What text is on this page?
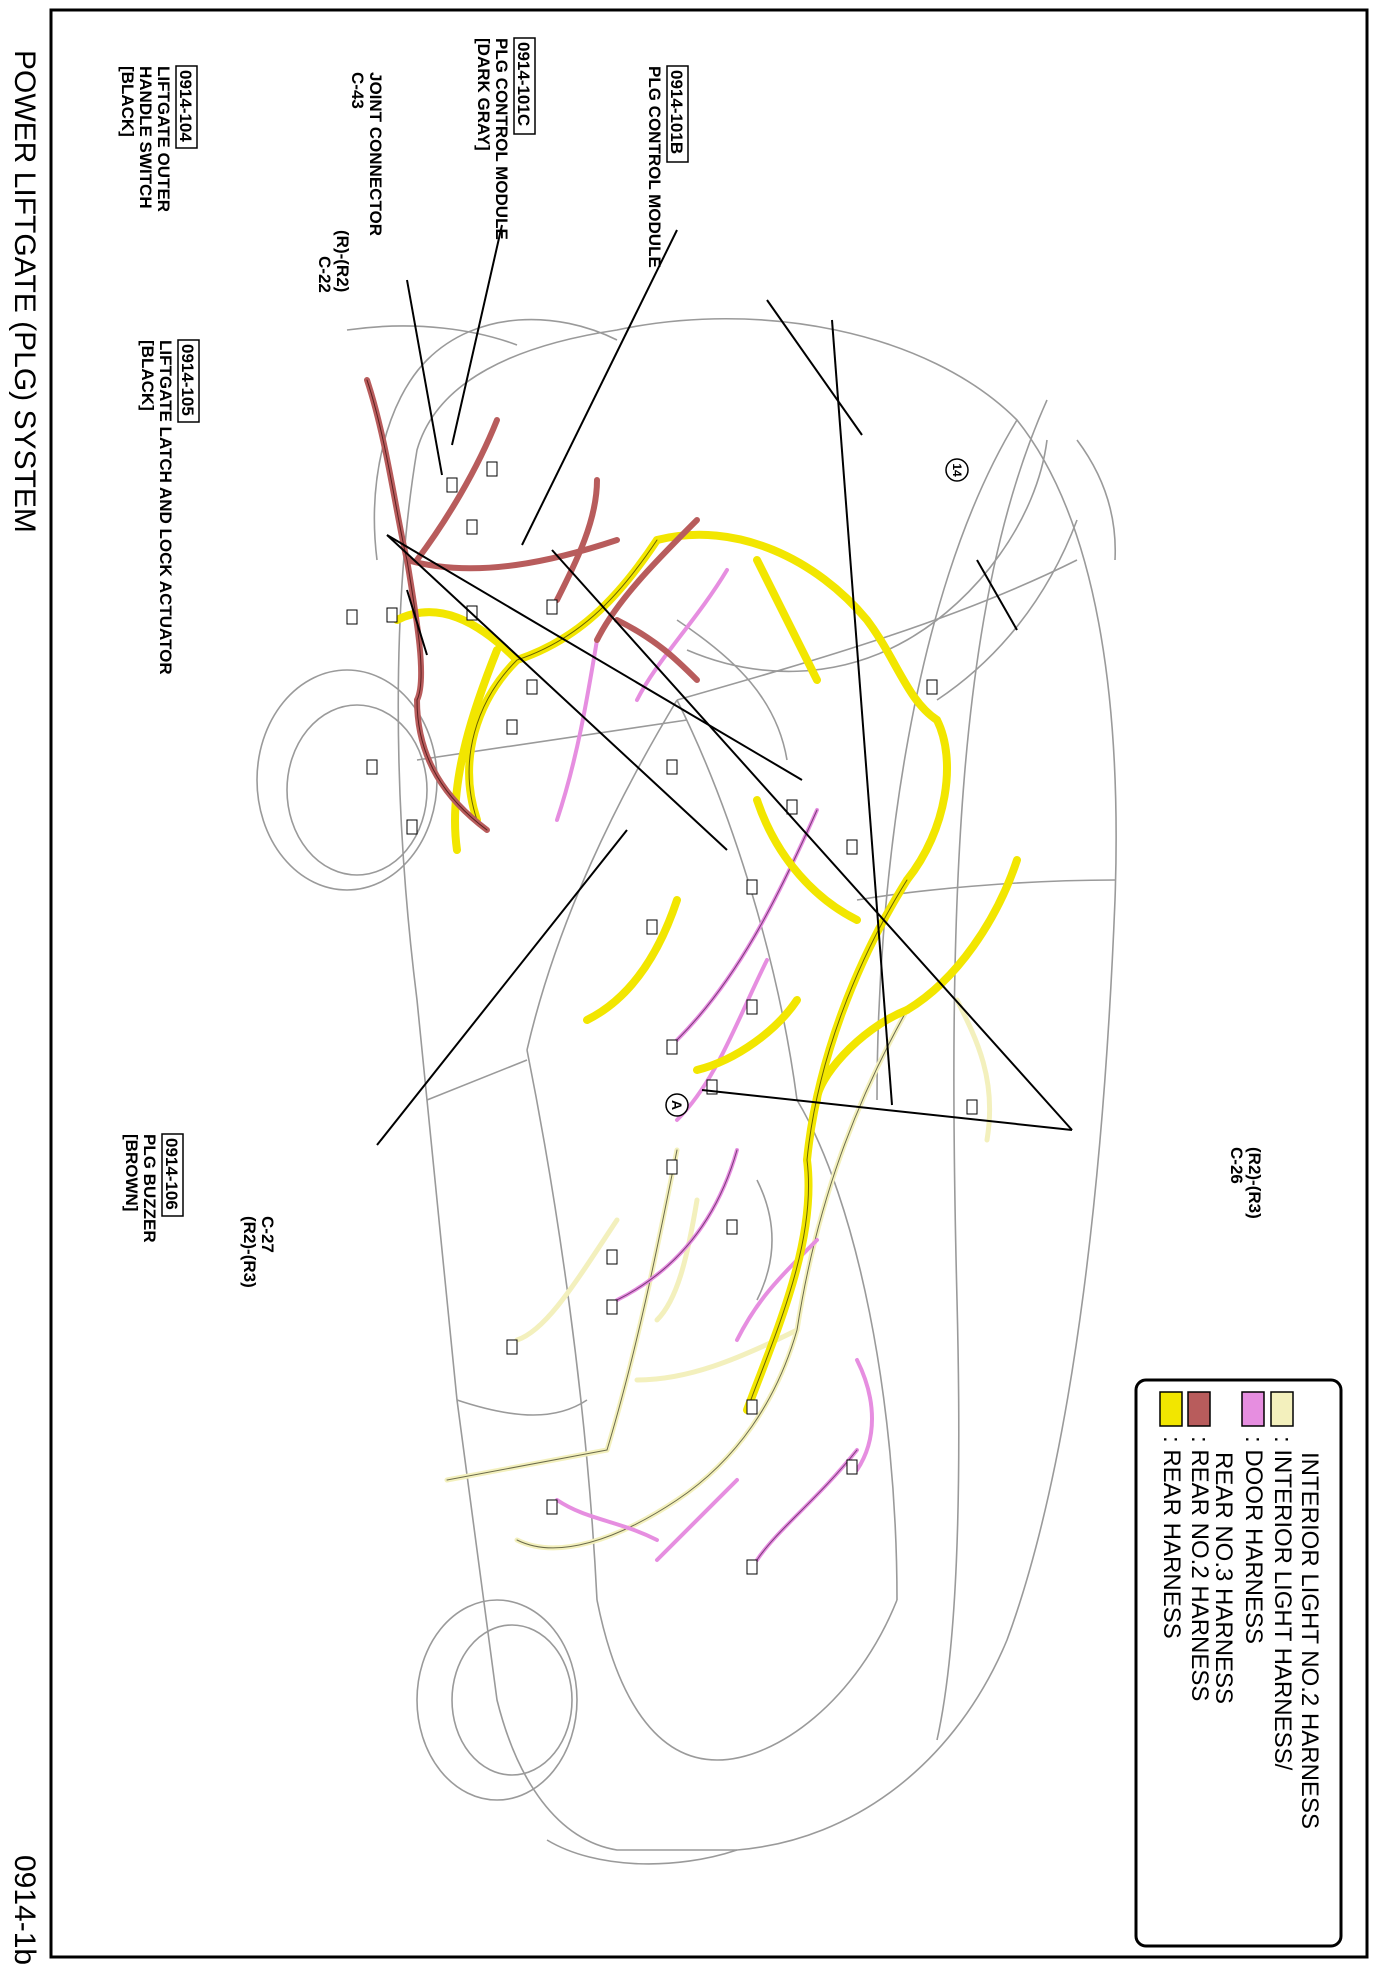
POWER LIFTGATE (PLG) SYSTEM
0914-1b
14
A
C-43 JOINT CONNECTOR	0914-101C
PLG CONTROL MODULE
[DARK GRAY]	0914-101B
PLG CONTROL MODULE
(R)-(R2)
C-22
0914-104
LIFTGATE OUTER
HANDLE SWITCH
[BLACK]
0914-105
LIFTGATE LATCH AND LOCK ACTUATOR
[BLACK]
(R2)-(R3)
C-26
C-27
(R2)-(R3)
0914-106
PLG BUZZER
[BROWN]
: REAR HARNESS : REAR NO.2 HARNESS
REAR NO.3 HARNESS : DOOR HARNESS : INTERIOR LIGHT HARNESS/ INTERIOR LIGHT NO.2 HARNESS
